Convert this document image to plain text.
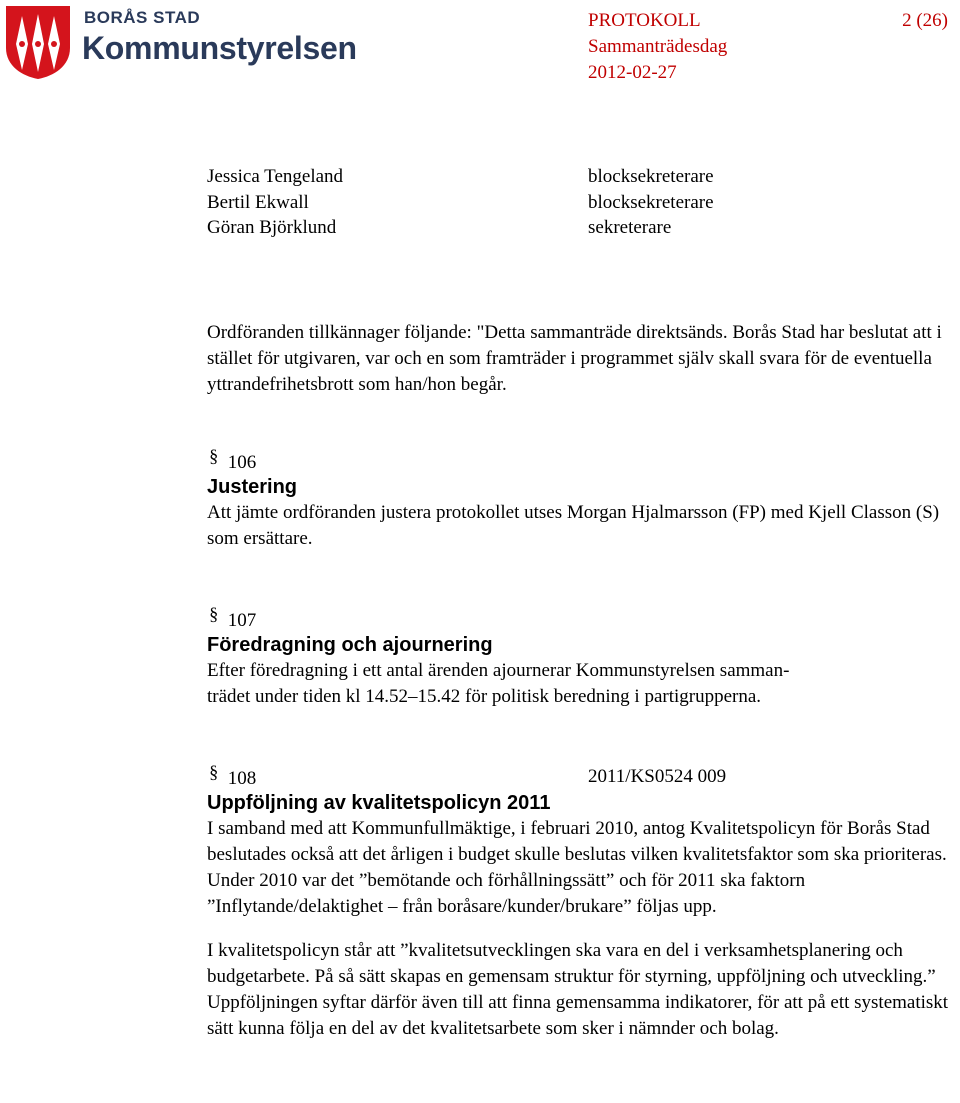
BORÅS STAD
Kommunstyrelsen
PROTOKOLL	2 (26)
Sammanträdesdag
2012-02-27
Jessica Tengeland	blocksekreterare
Bertil Ekwall	blocksekreterare
Göran Björklund	sekreterare
Ordföranden tillkännager följande: "Detta sammanträde direktsänds. Borås Stad har beslutat att i stället för utgivaren, var och en som framträder i programmet själv skall svara för de eventuella yttrandefrihetsbrott som han/hon begår.
§ 106
Justering
Att jämte ordföranden justera protokollet utses Morgan Hjalmarsson (FP) med Kjell Classon (S) som ersättare.
§ 107
Föredragning och ajournering
Efter föredragning i ett antal ärenden ajournerar Kommunstyrelsen samman-
trädet under tiden kl 14.52–15.42 för politisk beredning i partigrupperna.
§ 108	2011/KS0524 009
Uppföljning av kvalitetspolicyn 2011
I samband med att Kommunfullmäktige, i februari 2010, antog Kvalitetspolicyn för Borås Stad beslutades också att det årligen i budget skulle beslutas vilken kvalitetsfaktor som ska prioriteras. Under 2010 var det ”bemötande och förhållningssätt” och för 2011 ska faktorn ”Inflytande/delaktighet – från boråsare/kunder/brukare” följas upp.
I kvalitetspolicyn står att ”kvalitetsutvecklingen ska vara en del i verksamhetsplanering och budgetarbete. På så sätt skapas en gemensam struktur för styrning, uppföljning och utveckling.” Uppföljningen syftar därför även till att finna gemensamma indikatorer, för att på ett systematiskt sätt kunna följa en del av det kvalitetsarbete som sker i nämnder och bolag.
